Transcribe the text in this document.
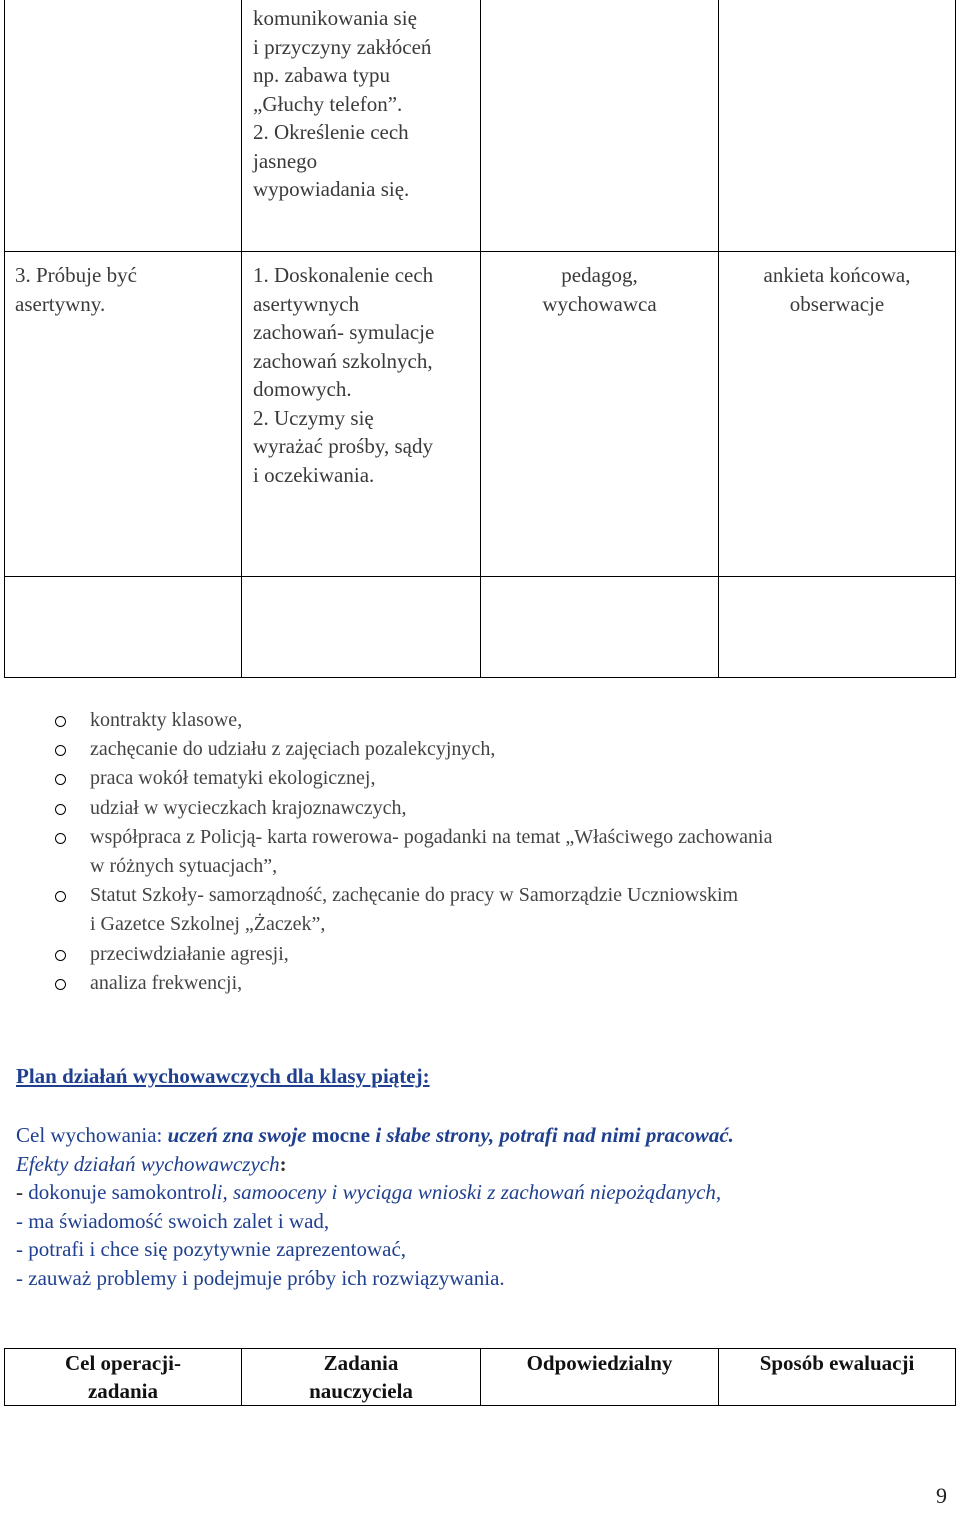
komunikowania się
i przyczyny zakłóceń
np. zabawa typu
„Głuchy telefon”.
2. Określenie cech
jasnego
wypowiadania się.
3. Próbuje być
asertywny.
1. Doskonalenie cech
asertywnych
zachowań- symulacje
zachowań szkolnych,
domowych.
2. Uczymy się
wyrażać prośby, sądy
i oczekiwania.
pedagog,
wychowawca
ankieta końcowa,
obserwacje
kontrakty klasowe,
zachęcanie do udziału z zajęciach pozalekcyjnych,
praca wokół tematyki ekologicznej,
udział w wycieczkach krajoznawczych,
współpraca z Policją- karta rowerowa- pogadanki na temat „Właściwego zachowania
w różnych sytuacjach”,
Statut Szkoły- samorządność, zachęcanie do pracy w Samorządzie Uczniowskim
i Gazetce Szkolnej „Żaczek”,
przeciwdziałanie agresji,
analiza frekwencji,
Plan działań wychowawczych dla klasy piątej:
Cel wychowania: uczeń zna swoje mocne i słabe strony, potrafi nad nimi pracować.
Efekty działań wychowawczych:
- dokonuje samokontroli, samooceny i wyciąga wnioski z zachowań niepożądanych,
- ma świadomość swoich zalet i wad,
- potrafi i chce się pozytywnie zaprezentować,
- zauważ problemy i podejmuje próby ich rozwiązywania.
Cel operacji-
zadania
Zadania
nauczyciela
Odpowiedzialny	Sposób ewaluacji
9
